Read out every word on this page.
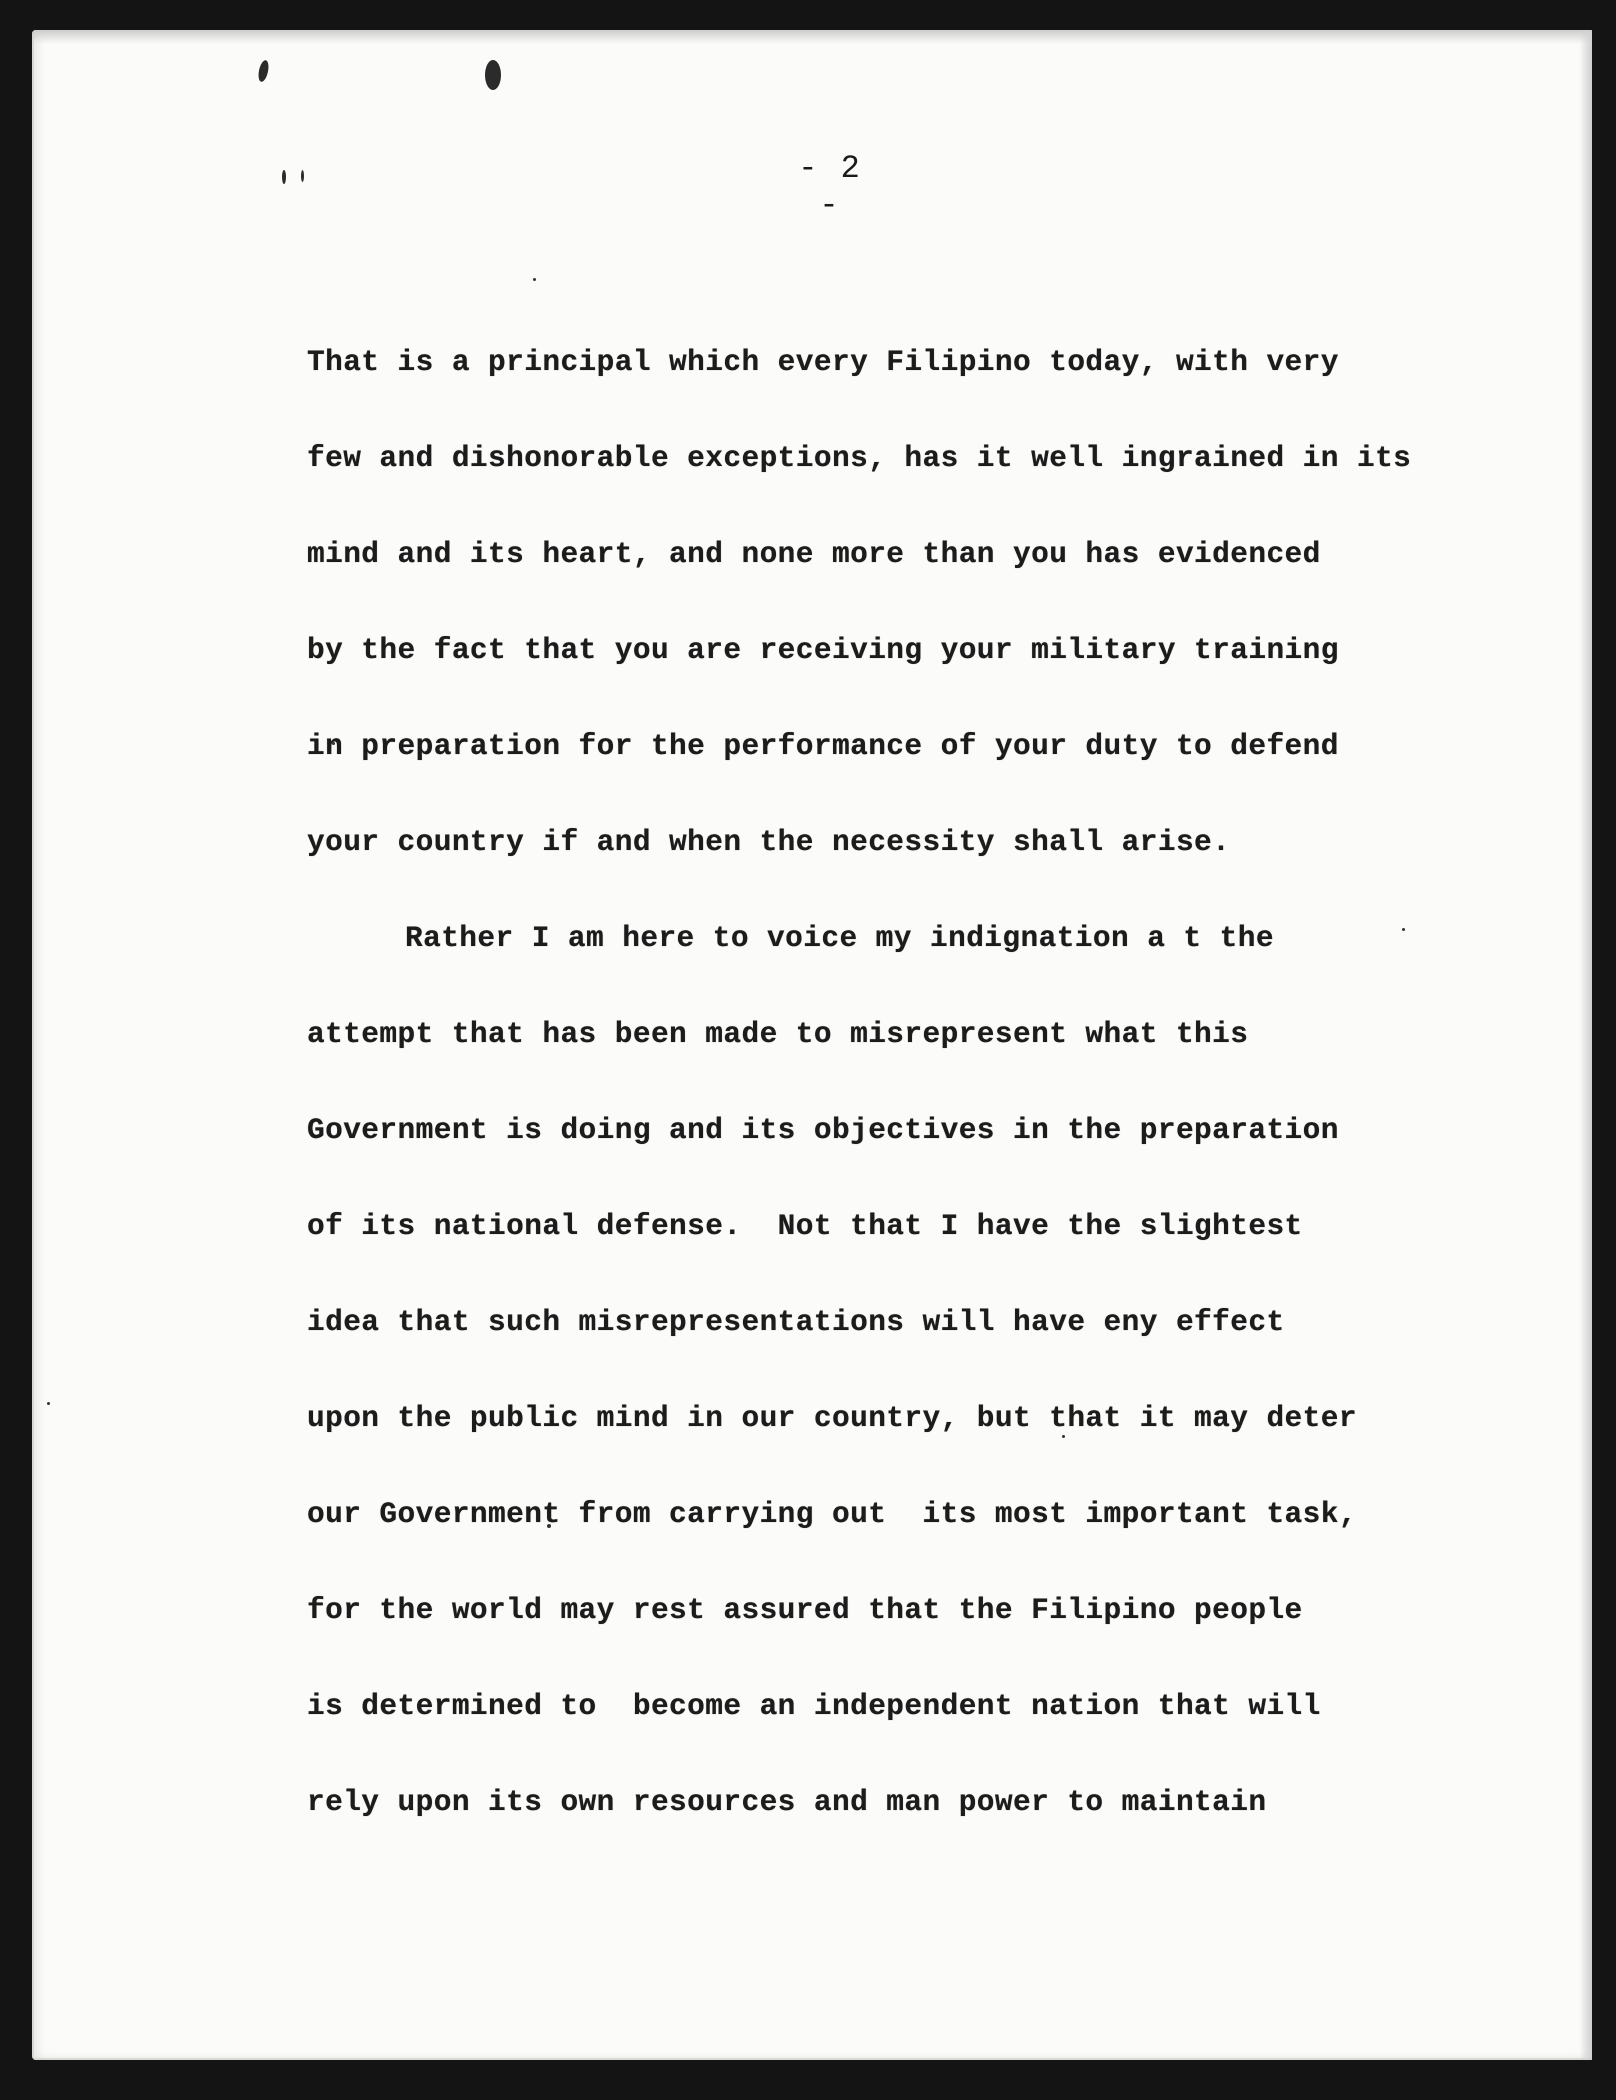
- 2 -
That is a principal which every Filipino today, with very
few and dishonorable exceptions, has it well ingrained in its
mind and its heart, and none more than you has evidenced
by the fact that you are receiving your military training
in preparation for the performance of your duty to defend
your country if and when the necessity shall arise.
Rather I am here to voice my indignation a t the
attempt that has been made to misrepresent what this
Government is doing and its objectives in the preparation
of its national defense.  Not that I have the slightest
idea that such misrepresentations will have eny effect
upon the public mind in our country, but that it may deter
our Government from carrying out  its most important task,
for the world may rest assured that the Filipino people
is determined to  become an independent nation that will
rely upon its own resources and man power to maintain
